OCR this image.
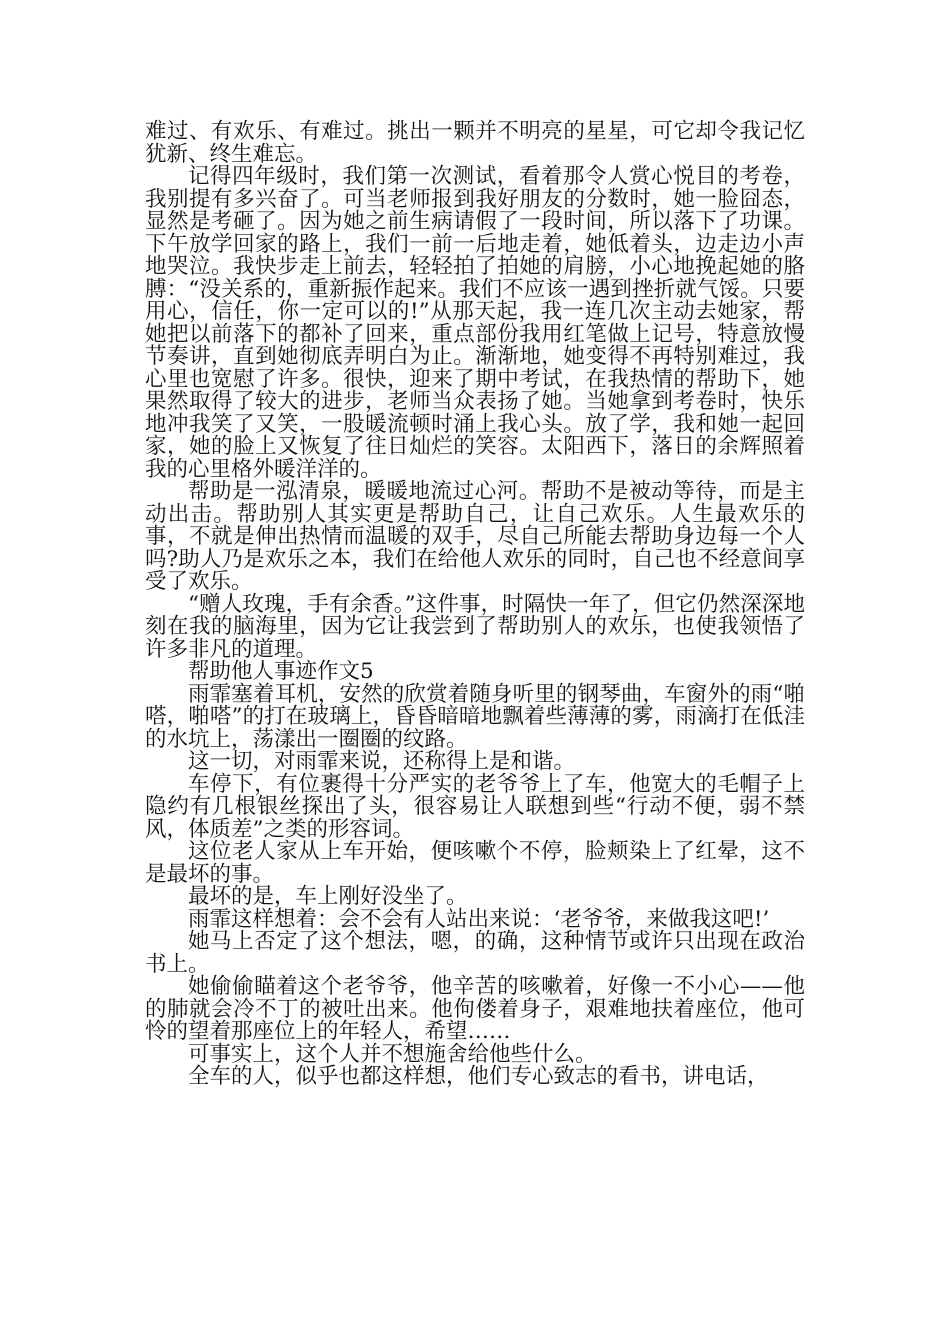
难过、有欢乐、有难过。挑出一颗并不明亮的星星，可它却令我记忆犹新、终生难忘。

记得四年级时，我们第一次测试，看着那令人赏心悦目的考卷，我别提有多兴奋了。可当老师报到我好朋友的分数时，她一脸囧态，显然是考砸了。因为她之前生病请假了一段时间，所以落下了功课。下午放学回家的路上，我们一前一后地走着，她低着头，边走边小声地哭泣。我快步走上前去，轻轻拍了拍她的肩膀，小心地挽起她的胳膊：“没关系的，重新振作起来。我们不应该一遇到挫折就气馁。只要用心，信任，你一定可以的!”从那天起，我一连几次主动去她家，帮她把以前落下的都补了回来，重点部份我用红笔做上记号，特意放慢节奏讲，直到她彻底弄明白为止。渐渐地，她变得不再特别难过，我心里也宽慰了许多。很快，迎来了期中考试，在我热情的帮助下，她果然取得了较大的进步，老师当众表扬了她。当她拿到考卷时，快乐地冲我笑了又笑，一股暖流顿时涌上我心头。放了学，我和她一起回家，她的脸上又恢复了往日灿烂的笑容。太阳西下，落日的余辉照着我的心里格外暖洋洋的。

帮助是一泓清泉，暖暖地流过心河。帮助不是被动等待，而是主动出击。帮助别人其实更是帮助自己，让自己欢乐。人生最欢乐的事，不就是伸出热情而温暖的双手，尽自己所能去帮助身边每一个人吗?助人乃是欢乐之本，我们在给他人欢乐的同时，自己也不经意间享受了欢乐。

“赠人玫瑰，手有余香。”这件事，时隔快一年了，但它仍然深深地刻在我的脑海里，因为它让我尝到了帮助别人的欢乐，也使我领悟了许多非凡的道理。

帮助他人事迹作文5

雨霏塞着耳机，安然的欣赏着随身听里的钢琴曲，车窗外的雨“啪嗒，啪嗒”的打在玻璃上，昏昏暗暗地飘着些薄薄的雾，雨滴打在低洼的水坑上，荡漾出一圈圈的纹路。

这一切，对雨霏来说，还称得上是和谐。

车停下，有位裹得十分严实的老爷爷上了车，他宽大的毛帽子上隐约有几根银丝探出了头，很容易让人联想到些“行动不便，弱不禁风，体质差”之类的形容词。

这位老人家从上车开始，便咳嗽个不停，脸颊染上了红晕，这不是最坏的事。

最坏的是，车上刚好没坐了。

雨霏这样想着：会不会有人站出来说：‘老爷爷，来做我这吧!’

她马上否定了这个想法，嗯，的确，这种情节或许只出现在政治书上。

她偷偷瞄着这个老爷爷，他辛苦的咳嗽着，好像一不小心——他的肺就会冷不丁的被吐出来。他佝偻着身子，艰难地扶着座位，他可怜的望着那座位上的年轻人，希望……

可事实上，这个人并不想施舍给他些什么。

全车的人，似乎也都这样想，他们专心致志的看书，讲电话，
